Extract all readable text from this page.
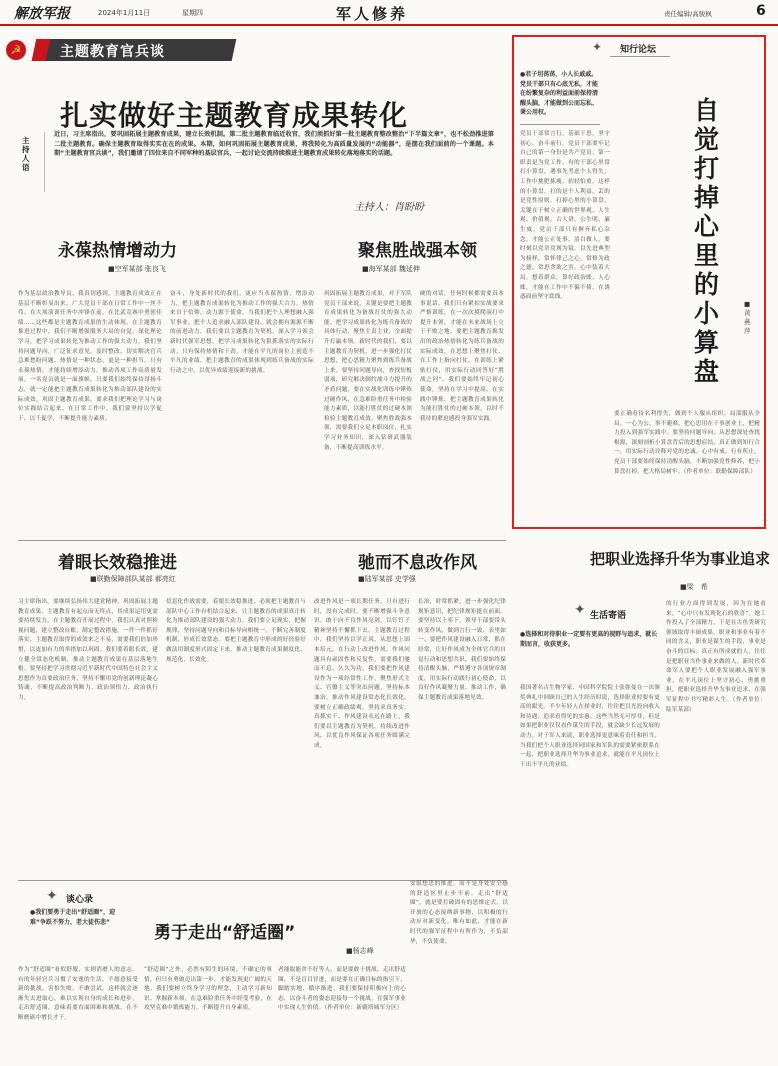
解放军报	2024年1月11日	星期四	军人修养	责任编辑/高骏枫	6
☭	主题教育官兵谈
扎实做好主题教育成果转化
主持人语
近日，习主席指出，要巩固拓展主题教育成果，建立长效机制。第二批主题教育临近收官，我们须抓好第一批主题教育整改整治“下半篇文章”，也不松劲推进第二批主题教育。确保主题教育取得实实在在的成果。本期，如何巩固拓展主题教育成果，将我转化为高质量发展的“动能器”，是摆在我们面前的一个课题。本期“主题教育官兵谈”，我们邀请了四位来自不同军种的基层官兵，一起讨论交流持续推进主题教育成果转化落地落实的话题。
主持人：肖盼盼
永葆热情增动力
■空军某部 张良飞
作为基层政治教导员，我真切感到，主题教育成效正在基层不断彰显出来。广大党员干部在日常工作中一丝不苟、在大项演训任务中冲锋在前，在比武竞赛中勇创佳绩……这些都是主题教育成果的生动体现。在主题教育推进过程中，我们不断增强服务大局的自觉，深化理论学习，把学习成果转化为推动工作的强大动力。我们坚持问题导向，广泛征求意见，及时整改，切实解决官兵急难愁盼问题。热情是一种状态，更是一种担当。只有永葆热情，才能持续增添动力，推动各项工作高质量发展。一名党员就是一面旗帜，只要我们始终保持昂扬斗志，就一定能把主题教育成果转化为推动部队建设的实际成效。巩固主题教育成果，要求我们把理论学习与岗位实践结合起来。在日常工作中，我们要坚持以学促干、以干促学，不断提升能力素质。
奋斗，身处新时代的我们，更应当永葆热情、增添动力，把主题教育成果转化为推动工作的强大合力。热情来自于信仰，动力源于使命。当我们把个人理想融入强军事业，把个人追求融入部队建设，就会拥有源源不断的前进动力。我们要以主题教育为契机，深入学习领会新时代强军思想，把学习成果转化为狠抓落实的实际行动。只有保持热情和干劲，才能在平凡的岗位上创造不平凡的业绩，把主题教育的成果体现到练兵备战的实际行动之中，以优异成绩迎接新的挑战。
聚焦胜战强本领
■海军某部 魏延伸
巩固拓展主题教育成果，对于军队党员干部来说，关键是要把主题教育成果转化为备战打仗的强大动能。把学习成果转化为练兵备战的具体行动，聚焦主责主业，全面提升打赢本领。新时代的我们，要以主题教育为契机，进一步强化打仗思想，把心思精力聚焦到练兵备战上来。要坚持问题导向，查找短板弱项，研究解决制约战斗力提升的矛盾问题。要在实战化训练中锤炼过硬作风，在急难险重任务中检验能力素质，以能打胜仗的过硬本领检验主题教育成效。聚焦胜战强本领，需要我们立足本职岗位，扎实学习业务知识，深入钻研武器装备，不断提高训练水平。
硬的对话，任何时候都需要真本事说话。我们只有紧扣实战要求严格训练，在一次次摸爬滚打中提升本领，才能在未来战场上立于不败之地。要把主题教育焕发出的政治热情转化为练兵备战的实际成效，在思想上聚焦打仗、在工作上指向打仗、在训练上紧贴打仗，用实际行动回答好“胜战之问”。我们要始终牢记初心使命，坚持在学习中提高、在实践中锤炼，把主题教育成果转化为能打胜仗的过硬本领，以时不我待的紧迫感投身强军实践。
着眼长效稳推进
■联勤保障部队某部 郝亮红
习主席指出，要继续弘扬伟大建党精神，巩固拓展主题教育成果。主题教育有起点而无终点，其成果运用更需要持续发力。在主题教育开展过程中，我们认真对照检视问题，建立整改台账，制定整改措施，一件一件抓好落实。主题教育取得的成效来之不易，需要我们倍加珍惜，以更加有力的举措加以巩固。我们要着眼长效，建立健全常态化机制，推动主题教育成果在基层落地生根。要坚持把学习贯彻习近平新时代中国特色社会主义思想作为首要政治任务，坚持不懈用党的创新理论凝心铸魂，不断提高政治判断力、政治领悟力、政治执行力。
信息化作战需要，着眼长效稳推进，必须把主题教育与部队中心工作有机结合起来，让主题教育的成果真正转化为推动部队建设的强大动力。我们要立足现实，把握规律，坚持问题导向和目标导向相统一，不断完善制度机制，形成长效常态。要把主题教育中形成的好经验好做法用制度形式固定下来，推动主题教育成果制度化、规范化、长效化。
驰而不息改作风
■陆军某部 史学强
改进作风是一项长期任务，只有进行时，没有完成时。要不断增强斗争意识，敢于向不良作风亮剑，以钉钉子精神坚持不懈抓下去。主题教育过程中，我们坚持以学正风，从思想上固本培元，在行动上改进作风。作风问题具有顽固性和反复性，需要我们驰而不息、久久为功。我们要把作风建设作为一项经常性工作，聚焦形式主义、官僚主义等突出问题，坚持标本兼治，推动作风建设常态化长效化。要树立正确政绩观，坚持求真务实，真抓实干。作风建设永远在路上，我们要以主题教育为契机，持续改进作风，以优良作风保证各项任务圆满完成。
长治，时常抓紧，进一步强化纪律规矩意识，把纪律规矩挺在前面。要坚持以上率下，领导干部要带头转变作风，做到言行一致、表里如一。要把作风建设融入日常、抓在经常，让好作风成为全体官兵的自觉行动和思想共识。我们要始终保持清醒头脑，严格遵守各项规章制度，用实际行动践行初心使命，以良好作风凝聚力量、推动工作，确保主题教育成果落地见效。
✦ 知行论坛
●君子坦荡荡，小人长戚戚。党员干部只有心底无私，才能在纷繁复杂的利益面前保持清醒头脑，才能做到公而忘私、秉公用权。
党员干部常言行，基础于思，坚守初心，奋斗前行。党员干部要牢记自己的第一身份是共产党员，第一职责是为党工作。有的干部心里常打小算盘，遇事先考虑个人得失，工作中挑肥拣瘦、拈轻怕重。这样的小算盘，打的是个人利益，丢的是党性原则。打掉心里的小算盘，关键在于树立正确的世界观、人生观、价值观。古人讲，公生明，廉生威。党员干部只有摒弃私心杂念，才能公正处事、清白做人。要时刻以党章党规为镜，以先进典型为榜样，常怀律己之心，常修为政之德，常思贪欲之害。心中装着大局，想着群众，算好政治账、人心账，才能在工作中不偏不倚，在诱惑面前坚守底线。
自觉打掉心里的小算盘
■黄燕萍
要正确看待名利得失，做到个人服从组织、局部服从全局。一心为公、事不避难，把心思用在干事创业上，把精力投入到强军实践中。要坚持问题导向，从思想深处查找根源，深刻剖析小算盘背后的思想症结，真正做到知行合一，用实际行动诠释对党的忠诚。心中有戒，行有所止，党员干部要始终保持清醒头脑，不断加强党性修养，把小算盘打掉，把大格局树牢。（作者单位：联勤保障部队）
把职业选择升华为事业追求
■梁　希
✦ 生活寄语
●选择和对待职业一定要有更高的视野与追求，就长期而言，收获更多。
我国著名古生物学家、中国科学院院士张弥曼在一次颁奖典礼中回顾自己的人生经历时说，选择职业时要有更高的眼光。不少年轻人在择业时，往往把目光投向收入和待遇，追求看得见的实惠。这些当然无可厚非，但是如果把职业仅仅看作谋生的手段，就会缺少长远发展的动力。对于军人来说，职业选择更意味着责任和担当。当我们把个人职业选择同国家和军队的需要紧密联系在一起，把职业选择升华为事业追求，就能在平凡岗位上干出不平凡的业绩。
的行业方面得到发展，因为在她看来，“心中只有发现化石的欣喜”。她工作投入了全部精力，于是在古鱼类研究领域取得丰硕成果。职业和事业有着不同的含义，职业是谋生的手段，事业是奋斗的目标。真正有所成就的人，往往是把职业当作事业来做的人。新时代革命军人要把个人职业发展融入强军事业，在平凡岗位上坚守初心、勇挑重担，把职业选择升华为事业追求，在强军征程中书写精彩人生。（作者单位：陆军某部）
✦ 谈心录
勇于走出“舒适圈”
■杨志峰
●我们要勇于走出“舒适圈”，迎难“争跃不努力，老大徒伤悲”
作为“舒适圈”看似舒服，实则消磨人的意志。有的年轻官兵习惯了安逸的生活，不愿意接受新的挑战，害怕失败，不敢尝试。这样就会逐渐失去进取心，难以实现自身的成长和进步。走出舒适圈，意味着要直面困难和挑战，在不断磨砺中增长才干。
“舒适圈”之外，必然有陌生的环境、不确定的事情，但只有勇敢迈出第一步，才能发现更广阔的天地。我们要树立终身学习的理念，主动学习新知识、掌握新本领，在急难险重任务中经受考验，在攻坚克难中锻炼能力，不断提升自身素质。
者能取能舍不好等人，而是要敢于挑战。走出舒适圈，不是盲目冒进，而是要在正确目标的指引下，脚踏实地、循序渐进。我们要保持积极向上的心态，以奋斗者的姿态迎接每一个挑战，在强军事业中实现人生价值。（作者单位：新疆塔城军分区）
安聪想思的推进，而不是身处安全感的舒适区里止步不前。走出“舒适圈”，就是要打破固有的思维定式，以开放的心态接纳新事物，以积极的行动应对新变化。唯有如此，才能在新时代的强军征程中有所作为，不负韶华，不负使命。
